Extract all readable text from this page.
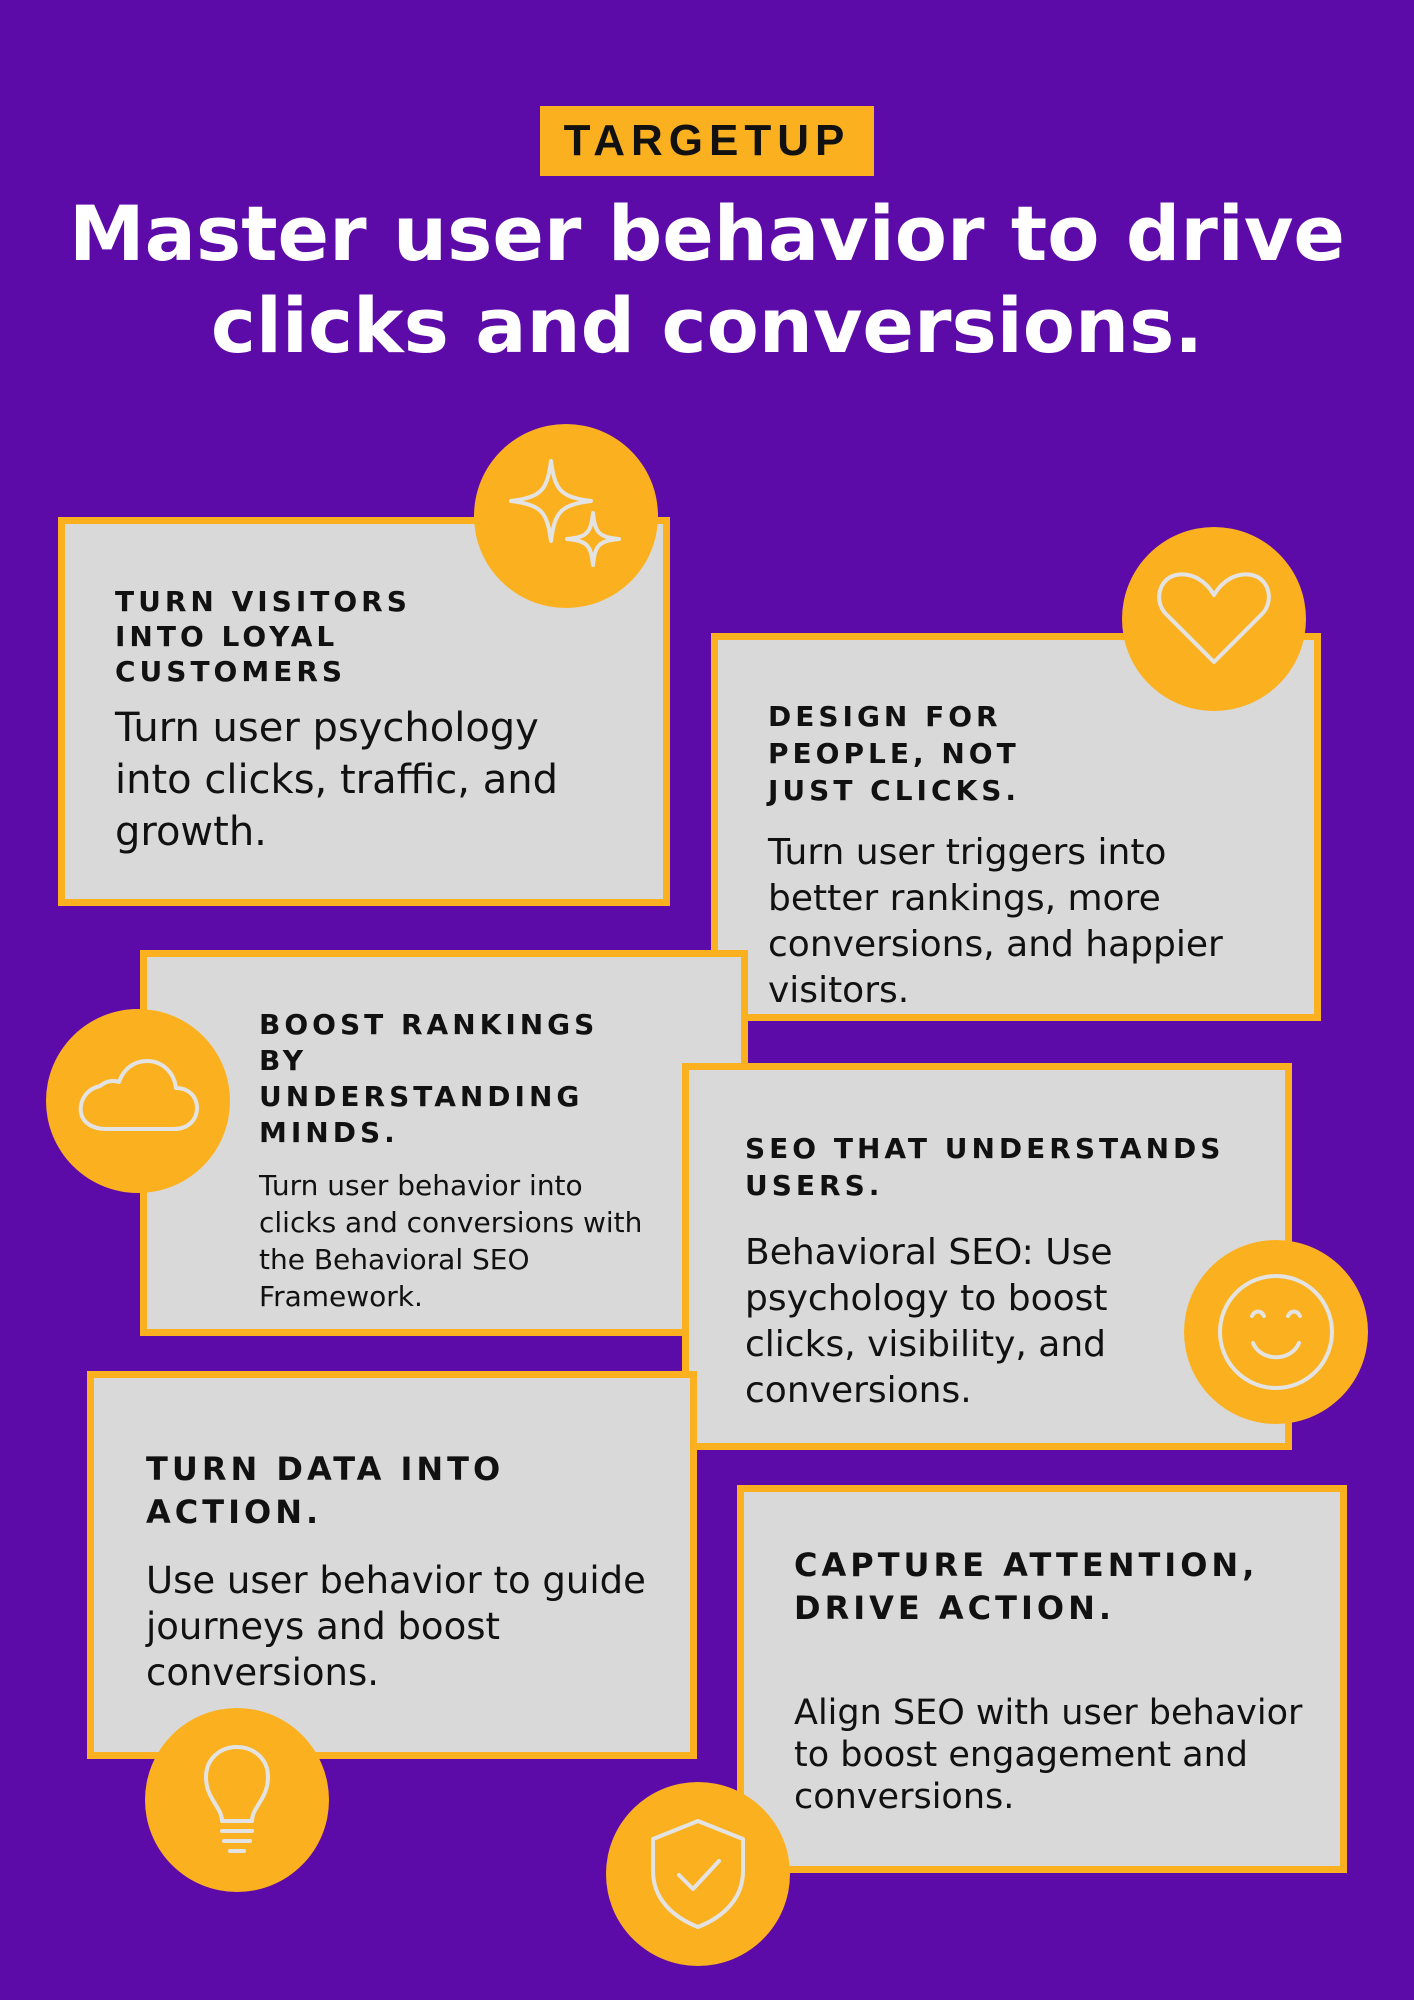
TARGETUP
Master user behavior to drive clicks and conversions.

TURN VISITORS INTO LOYAL CUSTOMERS

Turn user psychology into clicks, traffic, and growth.

DESIGN FOR PEOPLE, NOT JUST CLICKS.

Turn user triggers into better rankings, more conversions, and happier visitors.

BOOST RANKINGS BY UNDERSTANDING MINDS.

Turn user behavior into clicks and conversions with the Behavioral SEO Framework.

SEO THAT UNDERSTANDS USERS.

Behavioral SEO: Use psychology to boost clicks, visibility, and conversions.

TURN DATA INTO ACTION.

Use user behavior to guide journeys and boost conversions.

CAPTURE ATTENTION, DRIVE ACTION.

Align SEO with user behavior to boost engagement and conversions.
